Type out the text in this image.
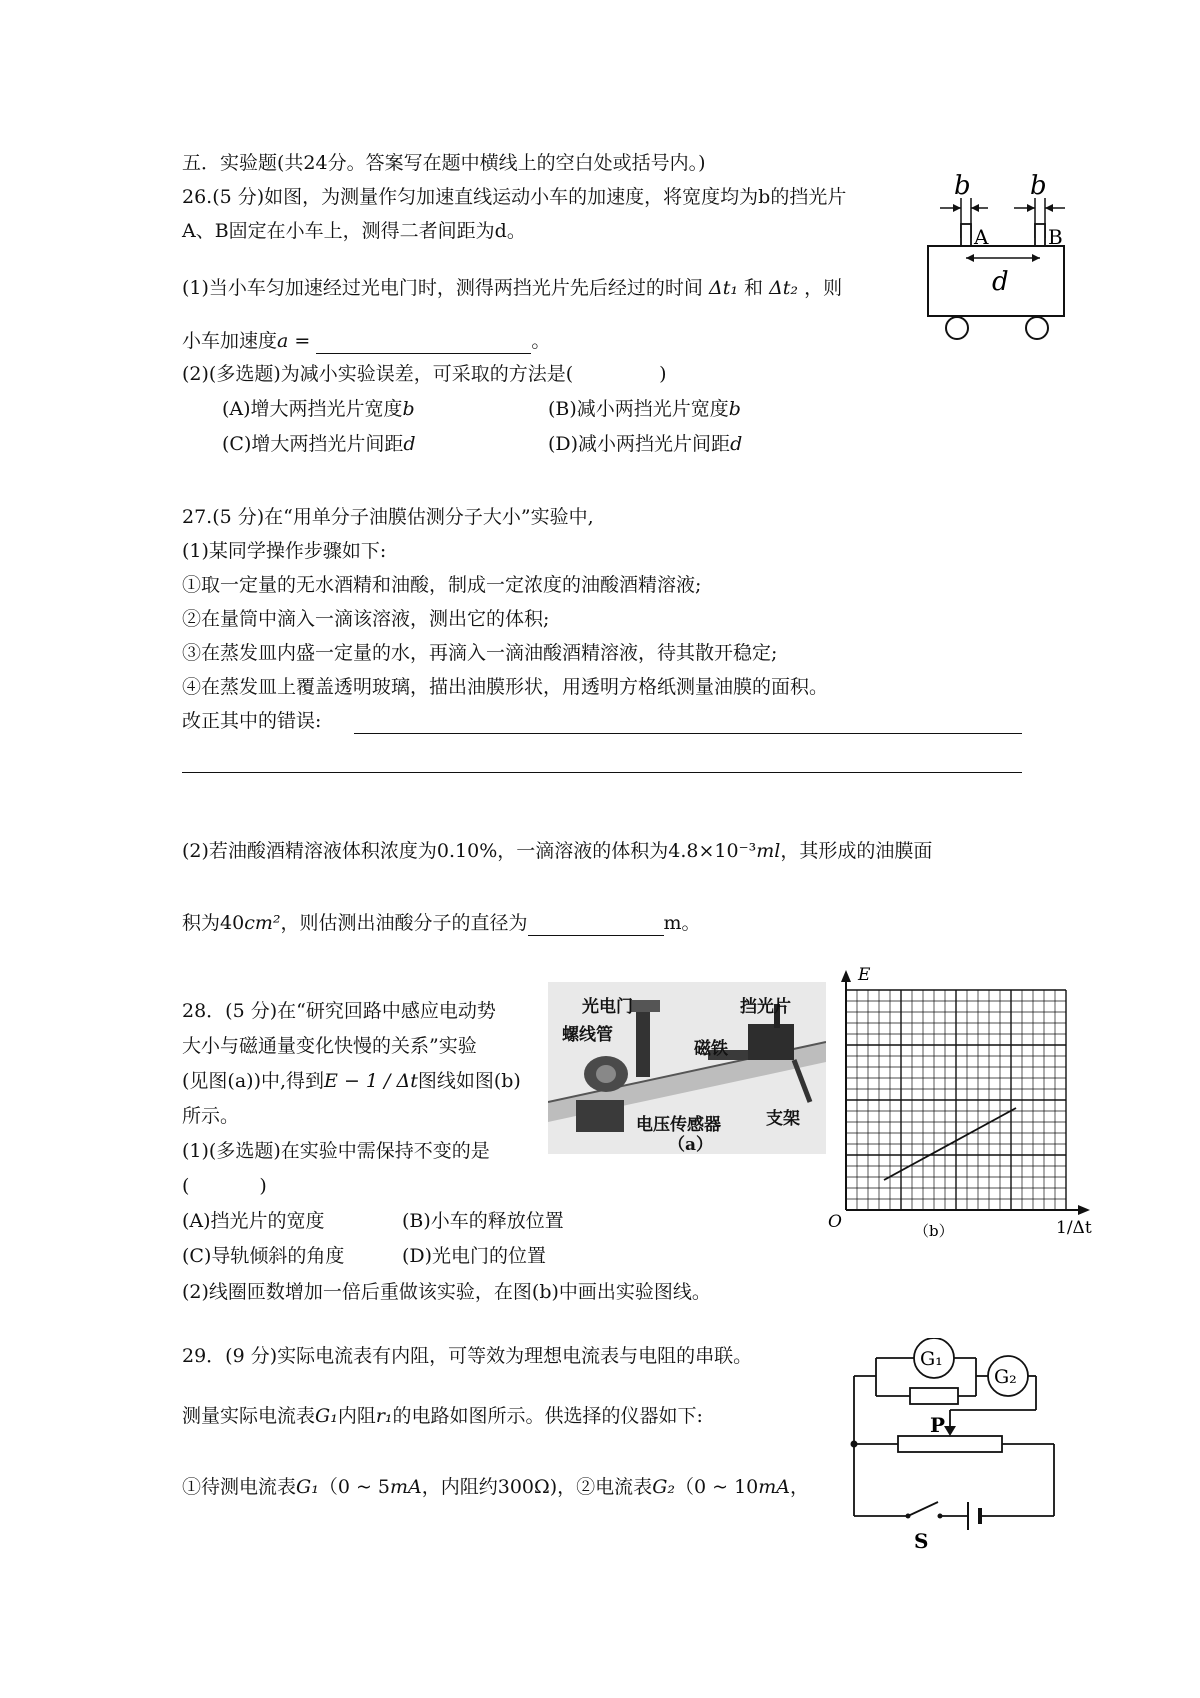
五．实验题(共24分。答案写在题中横线上的空白处或括号内。)
26.(5 分)如图，为测量作匀加速直线运动小车的加速度，将宽度均为b的挡光片
A、B固定在小车上，测得二者间距为d。
(1)当小车匀加速经过光电门时，测得两挡光片先后经过的时间 Δt₁ 和 Δt₂ ，则
小车加速度a =	。
(2)(多选题)为减小实验误差，可采取的方法是(	)
(A)增大两挡光片宽度b	(B)减小两挡光片宽度b
(C)增大两挡光片间距d	(D)减小两挡光片间距d
b b
A	B
d
27.(5 分)在“用单分子油膜估测分子大小”实验中,
(1)某同学操作步骤如下:
①取一定量的无水酒精和油酸，制成一定浓度的油酸酒精溶液;
②在量筒中滴入一滴该溶液，测出它的体积;
③在蒸发皿内盛一定量的水，再滴入一滴油酸酒精溶液，待其散开稳定;
④在蒸发皿上覆盖透明玻璃，描出油膜形状，用透明方格纸测量油膜的面积。
改正其中的错误:
(2)若油酸酒精溶液体积浓度为0.10%，一滴溶液的体积为4.8×10⁻³ml，其形成的油膜面
积为40cm²，则估测出油酸分子的直径为	m。
28．(5 分)在“研究回路中感应电动势
大小与磁通量变化快慢的关系”实验
(见图(a))中,得到E − 1 / Δt图线如图(b)
所示。
(1)(多选题)在实验中需保持不变的是
(	)
(A)挡光片的宽度	(B)小车的释放位置
(C)导轨倾斜的角度	(D)光电门的位置
(2)线圈匝数增加一倍后重做该实验，在图(b)中画出实验图线。
光电门
螺线管
挡光片
磁铁
电压传感器	支架
（a）
E
O	1/Δt
（b）
29．(9 分)实际电流表有内阻，可等效为理想电流表与电阻的串联。
测量实际电流表G₁内阻r₁的电路如图所示。供选择的仪器如下:
①待测电流表G₁（0 ~ 5mA，内阻约300Ω)，②电流表G₂（0 ~ 10mA，
G₁
G₂
P
S
